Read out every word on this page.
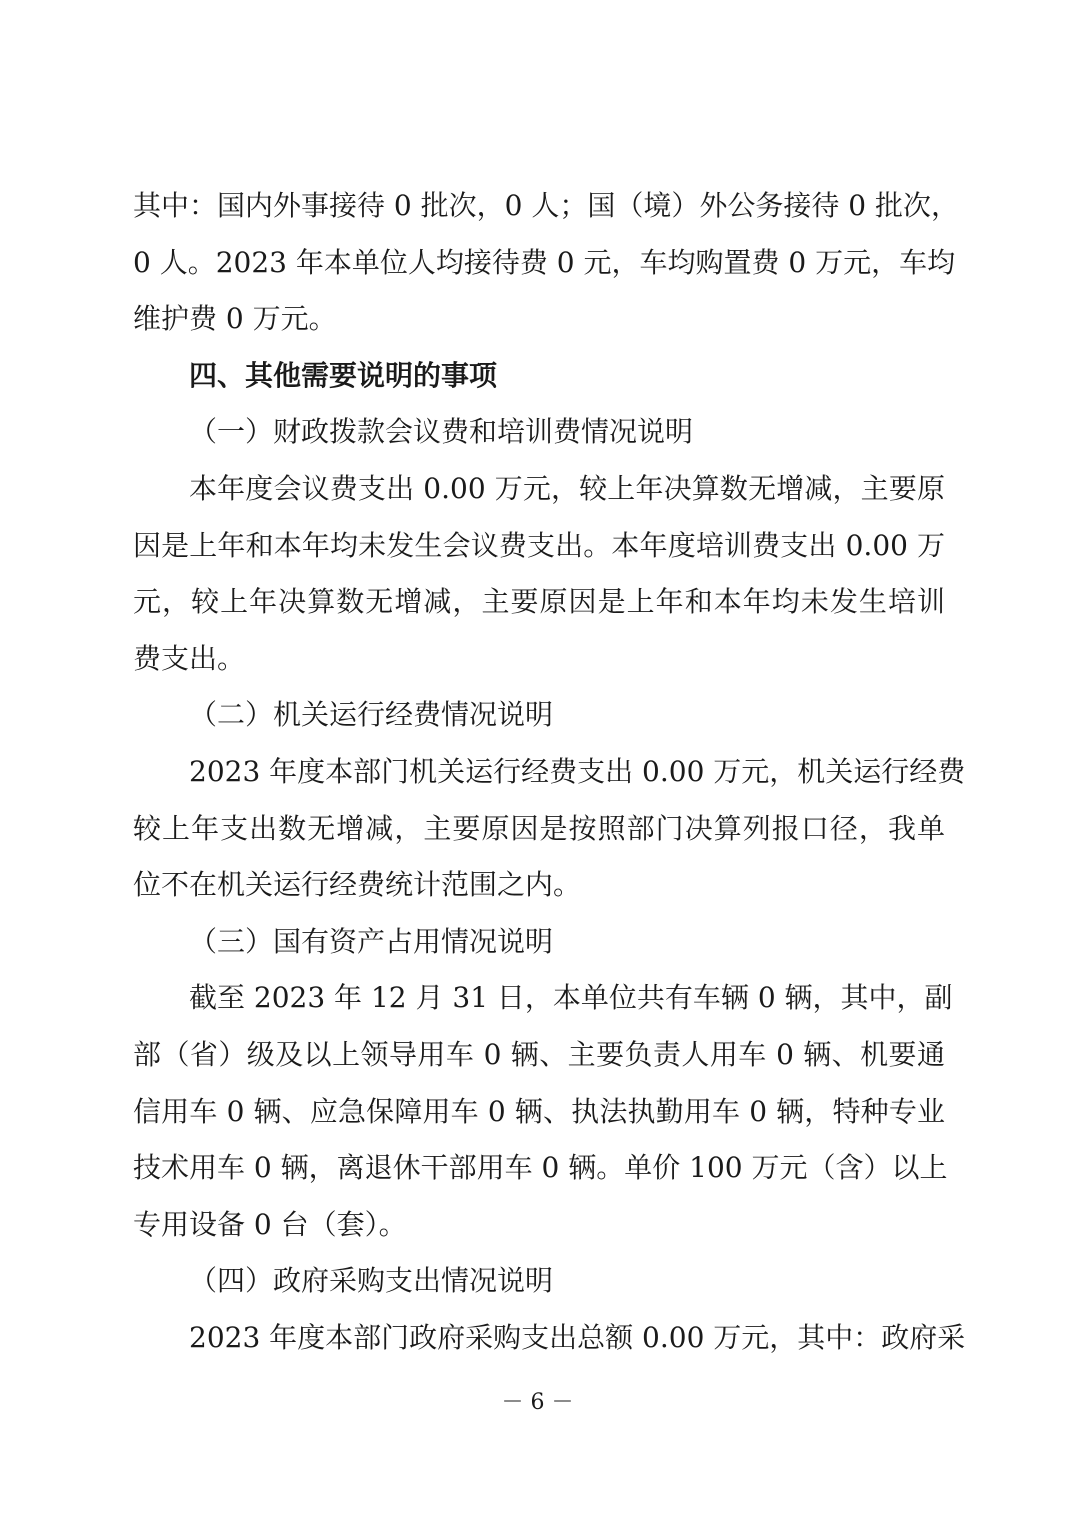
其中：国内外事接待 0 批次，0 人；国（境）外公务接待 0 批次，
0 人。2023 年本单位人均接待费 0 元，车均购置费 0 万元，车均
维护费 0 万元。
四、其他需要说明的事项
（一）财政拨款会议费和培训费情况说明
本年度会议费支出 0.00 万元，较上年决算数无增减，主要原
因是上年和本年均未发生会议费支出。本年度培训费支出 0.00 万
元，较上年决算数无增减，主要原因是上年和本年均未发生培训
费支出。
（二）机关运行经费情况说明
2023 年度本部门机关运行经费支出 0.00 万元，机关运行经费
较上年支出数无增减，主要原因是按照部门决算列报口径，我单
位不在机关运行经费统计范围之内。
（三）国有资产占用情况说明
截至 2023 年 12 月 31 日，本单位共有车辆 0 辆，其中，副
部（省）级及以上领导用车 0 辆、主要负责人用车 0 辆、机要通
信用车 0 辆、应急保障用车 0 辆、执法执勤用车 0 辆，特种专业
技术用车 0 辆，离退休干部用车 0 辆。单价 100 万元（含）以上
专用设备 0 台（套）。
（四）政府采购支出情况说明
2023 年度本部门政府采购支出总额 0.00 万元，其中：政府采
－ 6 －
